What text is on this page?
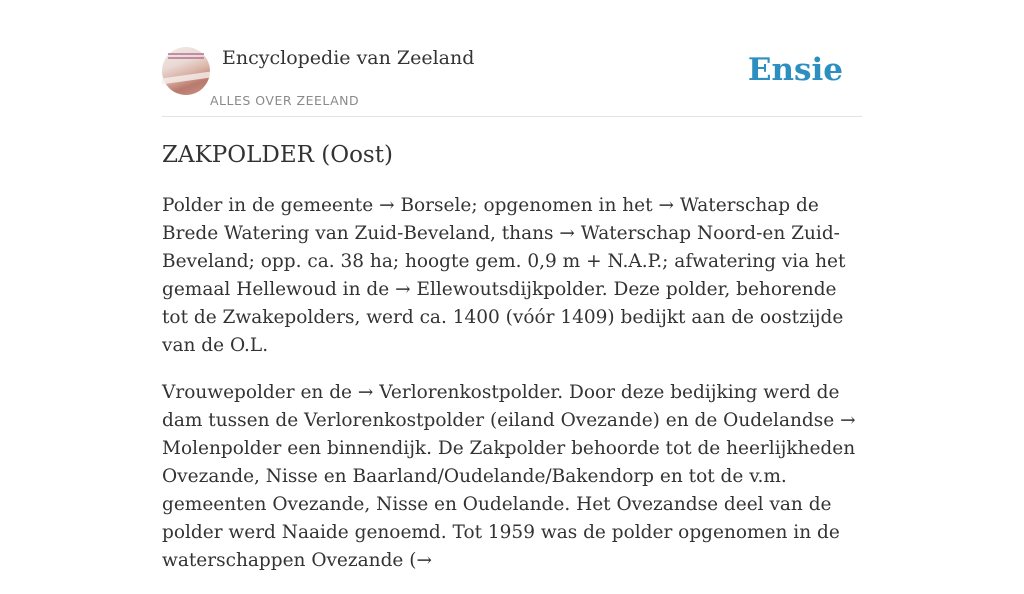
Encyclopedie van Zeeland
ALLES OVER ZEELAND
Ensie
ZAKPOLDER (Oost)

Polder in de gemeente → Borsele; opgenomen in het → Waterschap de Brede Watering van Zuid-Beveland, thans → Waterschap Noord-en Zuid-Beveland; opp. ca. 38 ha; hoogte gem. 0,9 m + N.A.P.; afwatering via het gemaal Hellewoud in de → Ellewoutsdijkpolder. Deze polder, behorende tot de Zwakepolders, werd ca. 1400 (vóór 1409) bedijkt aan de oostzijde van de O.L.

Vrouwepolder en de → Verlorenkostpolder. Door deze bedijking werd de dam tussen de Verlorenkostpolder (eiland Ovezande) en de Oudelandse → Molenpolder een binnendijk. De Zakpolder behoorde tot de heerlijkheden Ovezande, Nisse en Baarland/Oudelande/Bakendorp en tot de v.m. gemeenten Ovezande, Nisse en Oudelande. Het Ovezandse deel van de polder werd Naaide genoemd. Tot 1959 was de polder opgenomen in de waterschappen Ovezande (→
